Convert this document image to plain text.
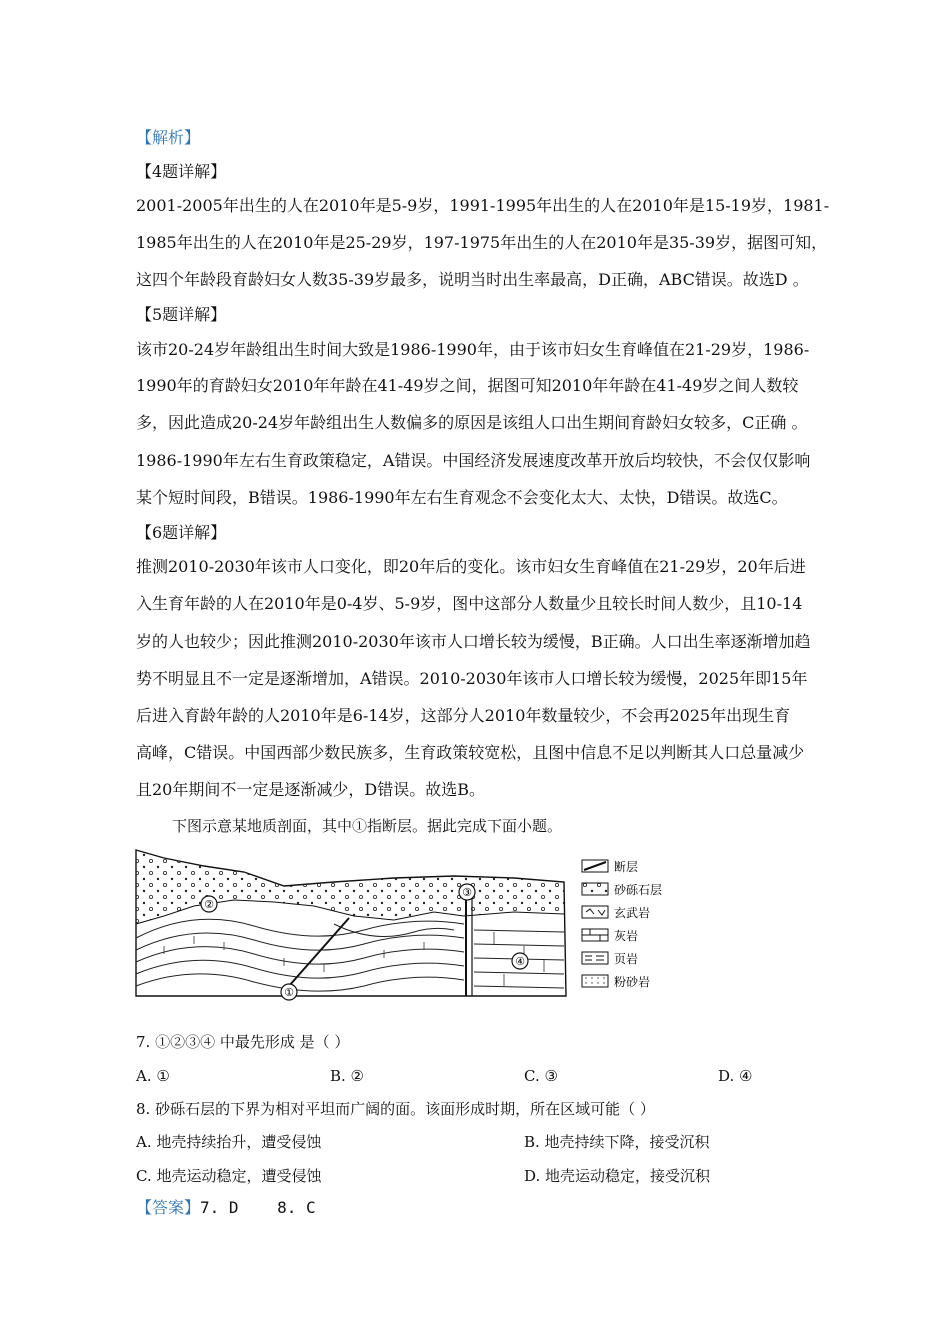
【解析】
【4题详解】
2001-2005年出生的人在2010年是5-9岁，1991-1995年出生的人在2010年是15-19岁，1981-
1985年出生的人在2010年是25-29岁，197-1975年出生的人在2010年是35-39岁，据图可知，
这四个年龄段育龄妇女人数35-39岁最多，说明当时出生率最高，D正确，ABC错误。故选D 。
【5题详解】
该市20-24岁年龄组出生时间大致是1986-1990年，由于该市妇女生育峰值在21-29岁，1986-
1990年的育龄妇女2010年年龄在41-49岁之间，据图可知2010年年龄在41-49岁之间人数较
多，因此造成20-24岁年龄组出生人数偏多的原因是该组人口出生期间育龄妇女较多，C正确 。
1986-1990年左右生育政策稳定，A错误。中国经济发展速度改革开放后均较快，不会仅仅影响
某个短时间段，B错误。1986-1990年左右生育观念不会变化太大、太快，D错误。故选C。
【6题详解】
推测2010-2030年该市人口变化，即20年后的变化。该市妇女生育峰值在21-29岁，20年后进
入生育年龄的人在2010年是0-4岁、5-9岁，图中这部分人数量少且较长时间人数少，且10-14
岁的人也较少；因此推测2010-2030年该市人口增长较为缓慢，B正确。人口出生率逐渐增加趋
势不明显且不一定是逐渐增加，A错误。2010-2030年该市人口增长较为缓慢，2025年即15年
后进入育龄年龄的人2010年是6-14岁，这部分人2010年数量较少，不会再2025年出现生育
高峰，C错误。中国西部少数民族多，生育政策较宽松，且图中信息不足以判断其人口总量减少
且20年期间不一定是逐渐减少，D错误。故选B。
下图示意某地质剖面，其中①指断层。据此完成下面小题。
①
②
③
④
断层
砂砾石层
玄武岩
灰岩
页岩
粉砂岩
7. ①②③④ 中最先形成 是（ ）
A. ①	B. ②	C. ③	D. ④
8. 砂砾石层的下界为相对平坦而广阔的面。该面形成时期，所在区域可能（ ）
A. 地壳持续抬升，遭受侵蚀	B. 地壳持续下降，接受沉积
C. 地壳运动稳定，遭受侵蚀	D. 地壳运动稳定，接受沉积
【答案】7. D    8. C
